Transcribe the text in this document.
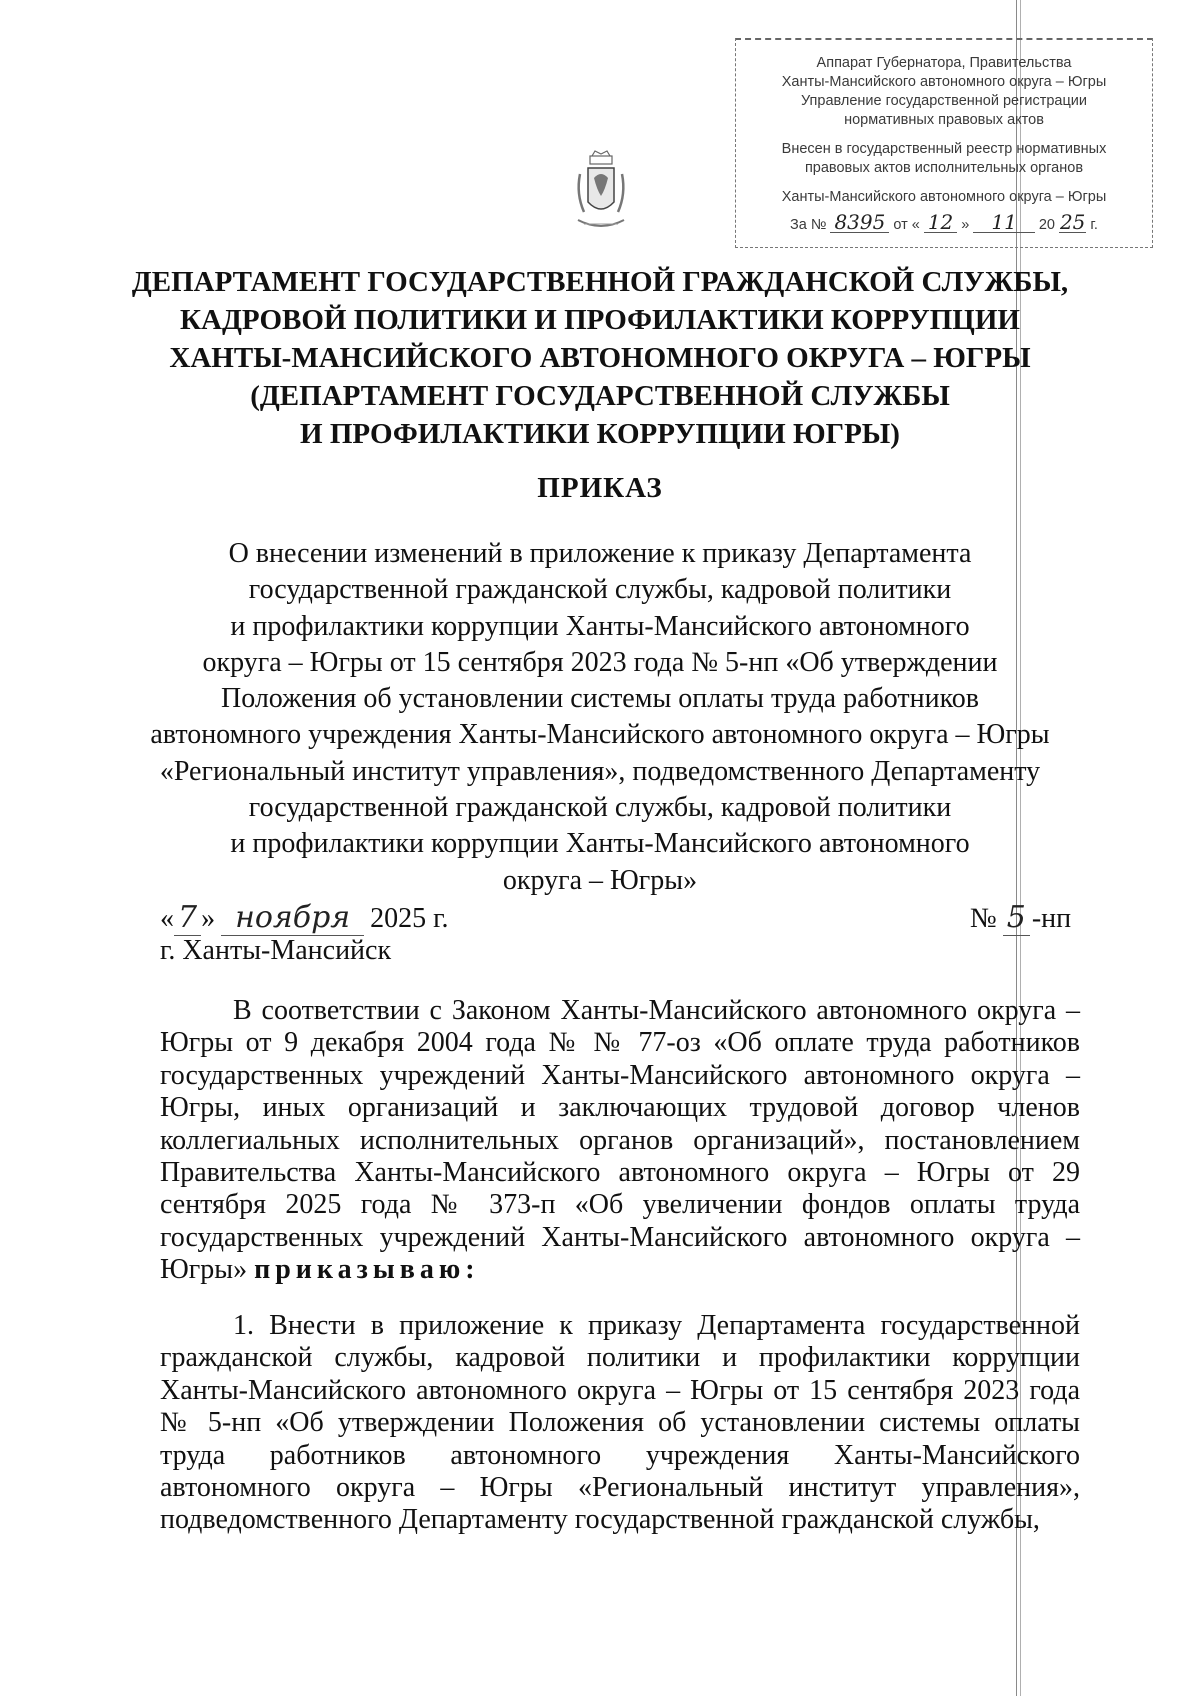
Аппарат Губернатора, Правительства
Ханты-Мансийского автономного округа – Югры
Управление государственной регистрации
нормативных правовых актов
Внесен в государственный реестр нормативных
правовых актов исполнительных органов
Ханты-Мансийского автономного округа – Югры
За № 8395 от « 12 »	11	20 25 г.
ДЕПАРТАМЕНТ ГОСУДАРСТВЕННОЙ ГРАЖДАНСКОЙ СЛУЖБЫ,
КАДРОВОЙ ПОЛИТИКИ И ПРОФИЛАКТИКИ КОРРУПЦИИ
ХАНТЫ-МАНСИЙСКОГО АВТОНОМНОГО ОКРУГА – ЮГРЫ
(ДЕПАРТАМЕНТ ГОСУДАРСТВЕННОЙ СЛУЖБЫ
И ПРОФИЛАКТИКИ КОРРУПЦИИ ЮГРЫ)
ПРИКАЗ
О внесении изменений в приложение к приказу Департамента
государственной гражданской службы, кадровой политики
и профилактики коррупции Ханты-Мансийского автономного
округа – Югры от 15 сентября 2023 года № 5-нп «Об утверждении
Положения об установлении системы оплаты труда работников
автономного учреждения Ханты-Мансийского автономного округа – Югры
«Региональный институт управления», подведомственного Департаменту
государственной гражданской службы, кадровой политики
и профилактики коррупции Ханты-Мансийского автономного
округа – Югры»
« 7 » ноября 2025 г.
г. Ханты-Мансийск
№ 5 -нп
В соответствии с Законом Ханты-Мансийского автономного округа – Югры от 9 декабря 2004 года № № 77-оз «Об оплате труда работников государственных учреждений Ханты-Мансийского автономного округа – Югры, иных организаций и заключающих трудовой договор членов коллегиальных исполнительных органов организаций», постановлением Правительства Ханты-Мансийского автономного округа – Югры от 29 сентября 2025 года № 373-п «Об увеличении фондов оплаты труда государственных учреждений Ханты-Мансийского автономного округа – Югры» приказываю:
1. Внести в приложение к приказу Департамента государственной гражданской службы, кадровой политики и профилактики коррупции Ханты-Мансийского автономного округа – Югры от 15 сентября 2023 года № 5-нп «Об утверждении Положения об установлении системы оплаты труда работников автономного учреждения Ханты-Мансийского автономного округа – Югры «Региональный институт управления», подведомственного Департаменту государственной гражданской службы,
